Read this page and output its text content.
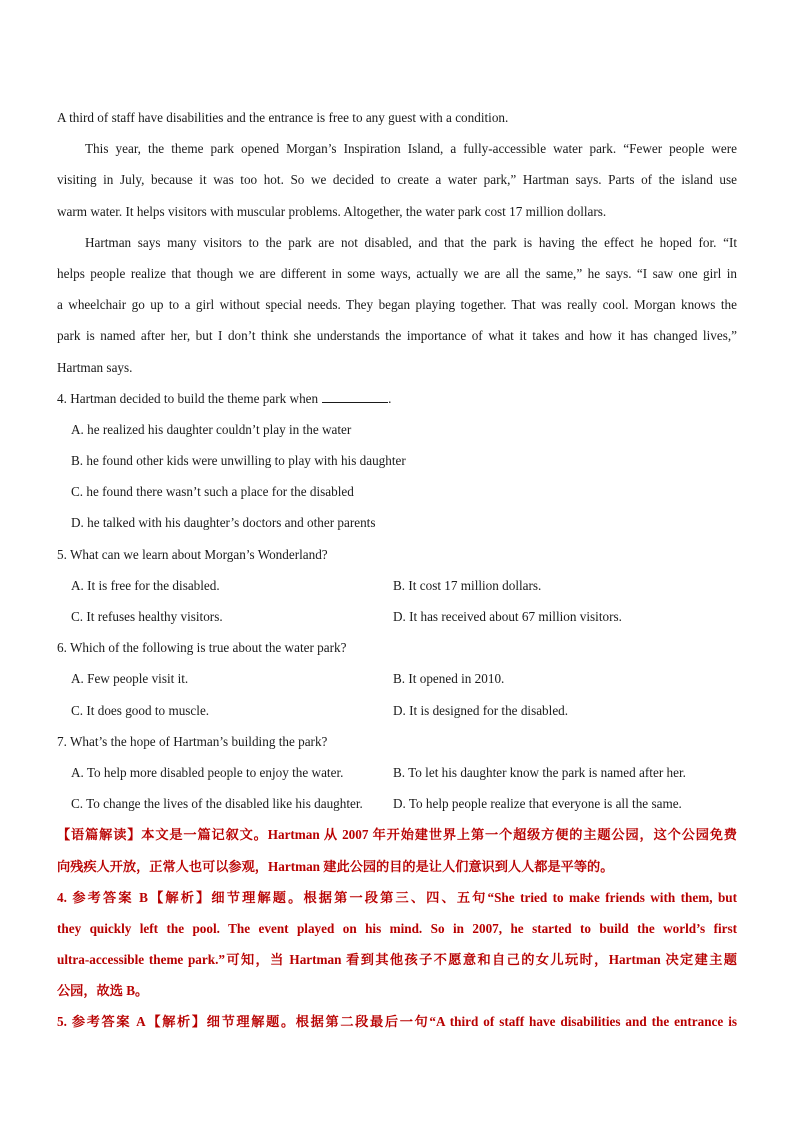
A third of staff have disabilities and the entrance is free to any guest with a condition.
This year, the theme park opened Morgan’s Inspiration Island, a fully-accessible water park. “Fewer people were
visiting in July, because it was too hot. So we decided to create a water park,” Hartman says. Parts of the island use
warm water. It helps visitors with muscular problems. Altogether, the water park cost 17 million dollars.
Hartman says many visitors to the park are not disabled, and that the park is having the effect he hoped for. “It
helps people realize that though we are different in some ways, actually we are all the same,” he says. “I saw one girl in
a wheelchair go up to a girl without special needs. They began playing together. That was really cool. Morgan knows the
park is named after her, but I don’t think she understands the importance of what it takes and how it has changed lives,”
Hartman says.
4. Hartman decided to build the theme park when	.
A. he realized his daughter couldn’t play in the water
B. he found other kids were unwilling to play with his daughter
C. he found there wasn’t such a place for the disabled
D. he talked with his daughter’s doctors and other parents
5. What can we learn about Morgan’s Wonderland?
A. It is free for the disabled.	B. It cost 17 million dollars.
C. It refuses healthy visitors.	D. It has received about 67 million visitors.
6. Which of the following is true about the water park?
A. Few people visit it.	B. It opened in 2010.
C. It does good to muscle.	D. It is designed for the disabled.
7. What’s the hope of Hartman’s building the park?
A. To help more disabled people to enjoy the water.	B. To let his daughter know the park is named after her.
C. To change the lives of the disabled like his daughter.	D. To help people realize that everyone is all the same.
【语篇解读】本文是一篇记叙文。Hartman 从 2007 年开始建世界上第一个超级方便的主题公园，这个公园免费
向残疾人开放，正常人也可以参观，Hartman 建此公园的目的是让人们意识到人人都是平等的。
4. 参考答案 B【解析】细节理解题。根据第一段第三、四、五句“She tried to make friends with them, but
they quickly left the pool. The event played on his mind. So in 2007, he started to build the world’s first
ultra-accessible theme park.”可知，当 Hartman 看到其他孩子不愿意和自己的女儿玩时，Hartman 决定建主题
公园，故选 B。
5. 参考答案 A【解析】细节理解题。根据第二段最后一句“A third of staff have disabilities and the entrance is
